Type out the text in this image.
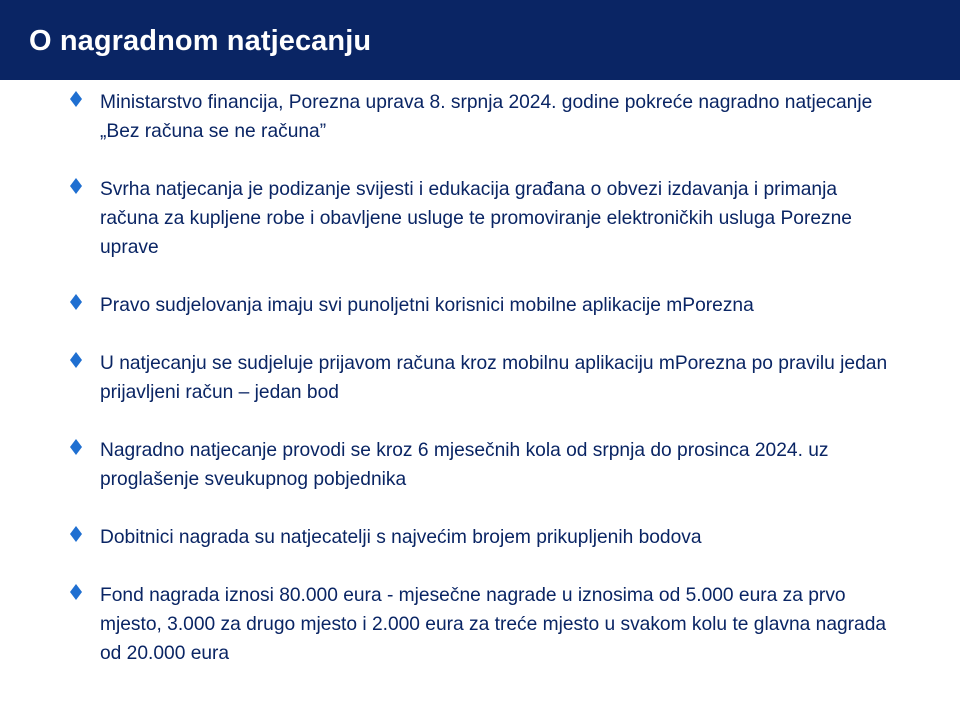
O nagradnom natjecanju
Ministarstvo financija, Porezna uprava 8. srpnja 2024. godine pokreće nagradno natjecanje „Bez računa se ne računa”
Svrha natjecanja je podizanje svijesti i edukacija građana o obvezi izdavanja i primanja računa za kupljene robe i obavljene usluge te promoviranje elektroničkih usluga Porezne uprave
Pravo sudjelovanja imaju svi punoljetni korisnici mobilne aplikacije mPorezna
U natjecanju se sudjeluje prijavom računa kroz mobilnu aplikaciju mPorezna po pravilu jedan prijavljeni račun – jedan bod
Nagradno natjecanje provodi se kroz 6 mjesečnih kola od srpnja do prosinca 2024. uz proglašenje sveukupnog pobjednika
Dobitnici nagrada su natjecatelji s najvećim brojem prikupljenih bodova
Fond nagrada iznosi 80.000 eura - mjesečne nagrade u iznosima od 5.000 eura za prvo mjesto, 3.000 za drugo mjesto i 2.000 eura za treće mjesto u svakom kolu te glavna nagrada od 20.000 eura
